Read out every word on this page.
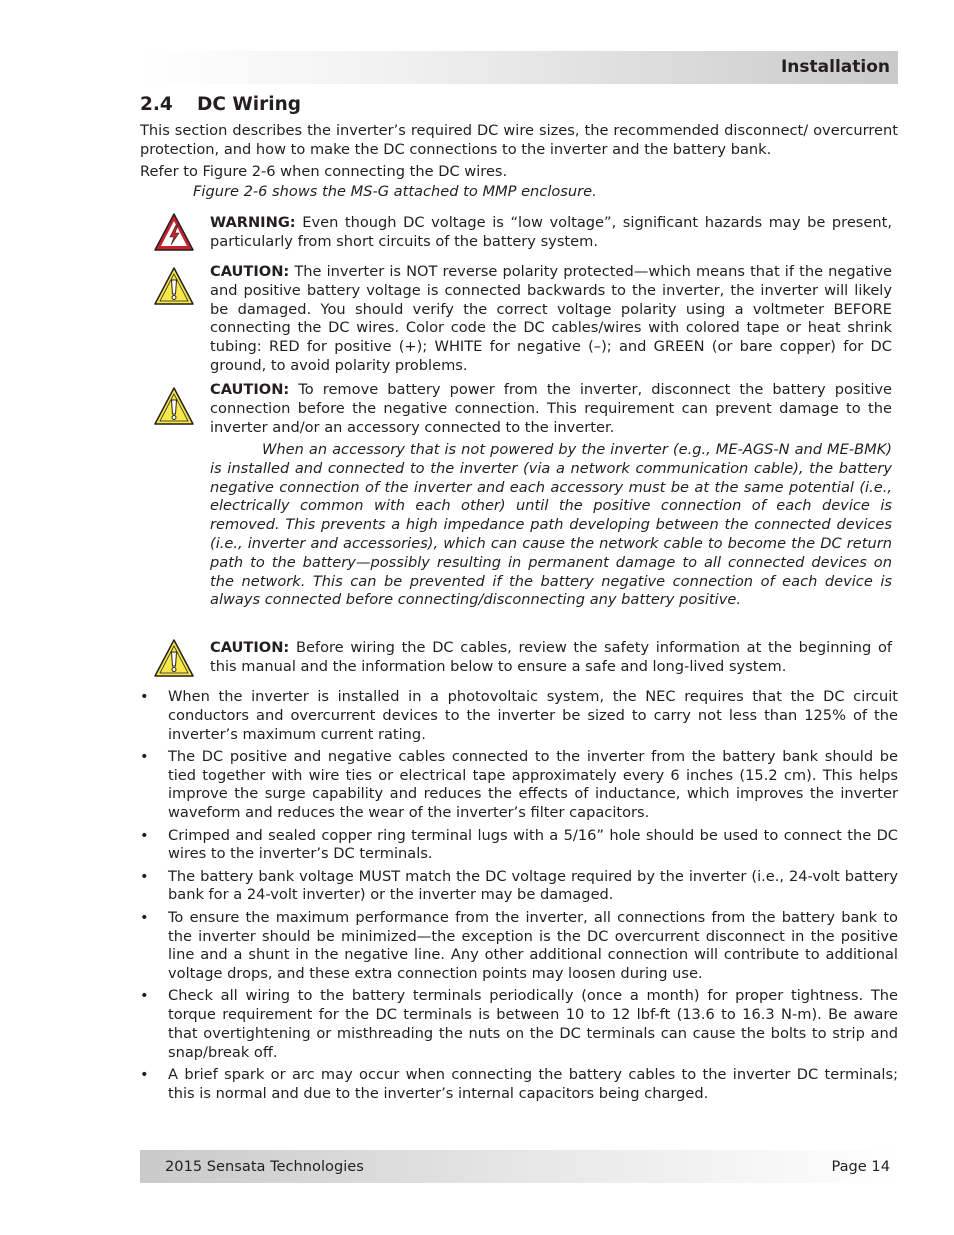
Installation
2.4 DC Wiring

This section describes the inverter’s required DC wire sizes, the recommended disconnect/ overcurrent protection, and how to make the DC connections to the inverter and the battery bank.

Refer to Figure 2-6 when connecting the DC wires.

Figure 2-6 shows the MS-G attached to MMP enclosure.

WARNING: Even though DC voltage is “low voltage”, significant hazards may be present, particularly from short circuits of the battery system.

CAUTION: The inverter is NOT reverse polarity protected—which means that if the negative and positive battery voltage is connected backwards to the inverter, the inverter will likely be damaged. You should verify the correct voltage polarity using a voltmeter BEFORE connecting the DC wires. Color code the DC cables/wires with colored tape or heat shrink tubing: RED for positive (+); WHITE for negative (–); and GREEN (or bare copper) for DC ground, to avoid polarity problems.

CAUTION: To remove battery power from the inverter, disconnect the battery positive connection before the negative connection. This requirement can prevent damage to the inverter and/or an accessory connected to the inverter.

When an accessory that is not powered by the inverter (e.g., ME-AGS-N and ME-BMK) is installed and connected to the inverter (via a network communication cable), the battery negative connection of the inverter and each accessory must be at the same potential (i.e., electrically common with each other) until the positive connection of each device is removed. This prevents a high impedance path developing between the connected devices (i.e., inverter and accessories), which can cause the network cable to become the DC return path to the battery—possibly resulting in permanent damage to all connected devices on the network. This can be prevented if the battery negative connection of each device is always connected before connecting/disconnecting any battery positive.

CAUTION: Before wiring the DC cables, review the safety information at the beginning of this manual and the information below to ensure a safe and long-lived system.

• When the inverter is installed in a photovoltaic system, the NEC requires that the DC circuit conductors and overcurrent devices to the inverter be sized to carry not less than 125% of the inverter’s maximum current rating.
• The DC positive and negative cables connected to the inverter from the battery bank should be tied together with wire ties or electrical tape approximately every 6 inches (15.2 cm). This helps improve the surge capability and reduces the effects of inductance, which improves the inverter waveform and reduces the wear of the inverter’s filter capacitors.
• Crimped and sealed copper ring terminal lugs with a 5/16” hole should be used to connect the DC wires to the inverter’s DC terminals.
• The battery bank voltage MUST match the DC voltage required by the inverter (i.e., 24-volt battery bank for a 24-volt inverter) or the inverter may be damaged.
• To ensure the maximum performance from the inverter, all connections from the battery bank to the inverter should be minimized—the exception is the DC overcurrent disconnect in the positive line and a shunt in the negative line. Any other additional connection will contribute to additional voltage drops, and these extra connection points may loosen during use.
• Check all wiring to the battery terminals periodically (once a month) for proper tightness. The torque requirement for the DC terminals is between 10 to 12 lbf-ft (13.6 to 16.3 N-m). Be aware that overtightening or misthreading the nuts on the DC terminals can cause the bolts to strip and snap/break off.
• A brief spark or arc may occur when connecting the battery cables to the inverter DC terminals; this is normal and due to the inverter’s internal capacitors being charged.
2015 Sensata Technologies	Page 14
